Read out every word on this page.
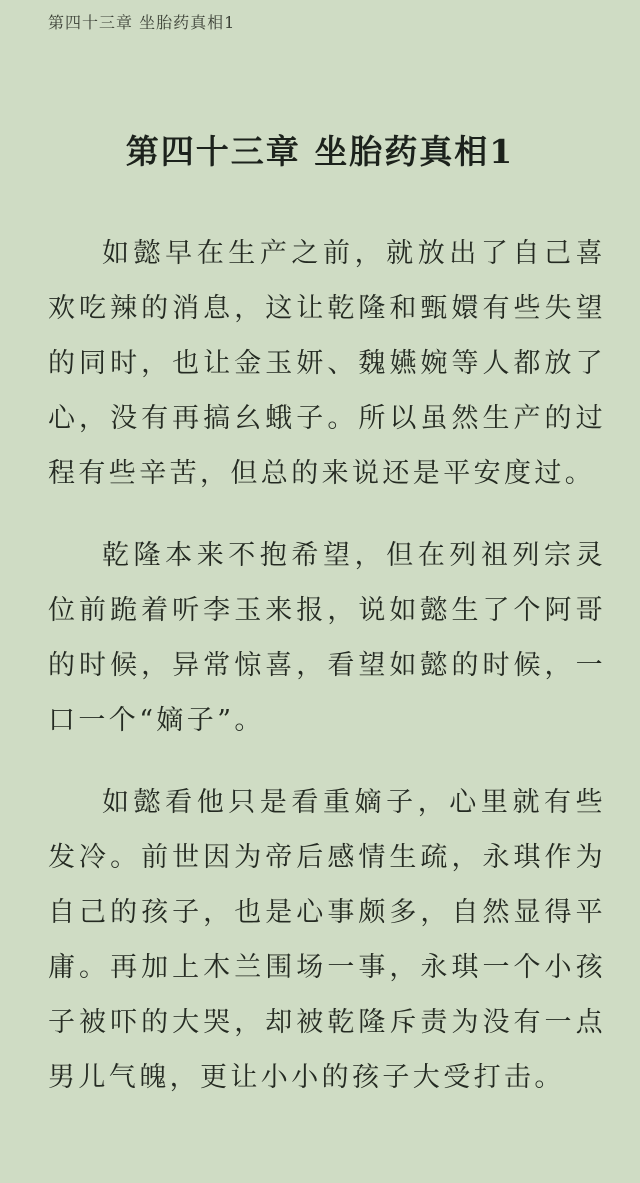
第四十三章 坐胎药真相1
第四十三章 坐胎药真相1

如懿早在生产之前，就放出了自己喜欢吃辣的消息，这让乾隆和甄嬛有些失望的同时，也让金玉妍、魏嬿婉等人都放了心，没有再搞幺蛾子。所以虽然生产的过程有些辛苦，但总的来说还是平安度过。

乾隆本来不抱希望，但在列祖列宗灵位前跪着听李玉来报，说如懿生了个阿哥的时候，异常惊喜，看望如懿的时候，一口一个“嫡子”。

如懿看他只是看重嫡子，心里就有些发冷。前世因为帝后感情生疏，永琪作为自己的孩子，也是心事颇多，自然显得平庸。再加上木兰围场一事，永琪一个小孩子被吓的大哭，却被乾隆斥责为没有一点男儿气魄，更让小小的孩子大受打击。
